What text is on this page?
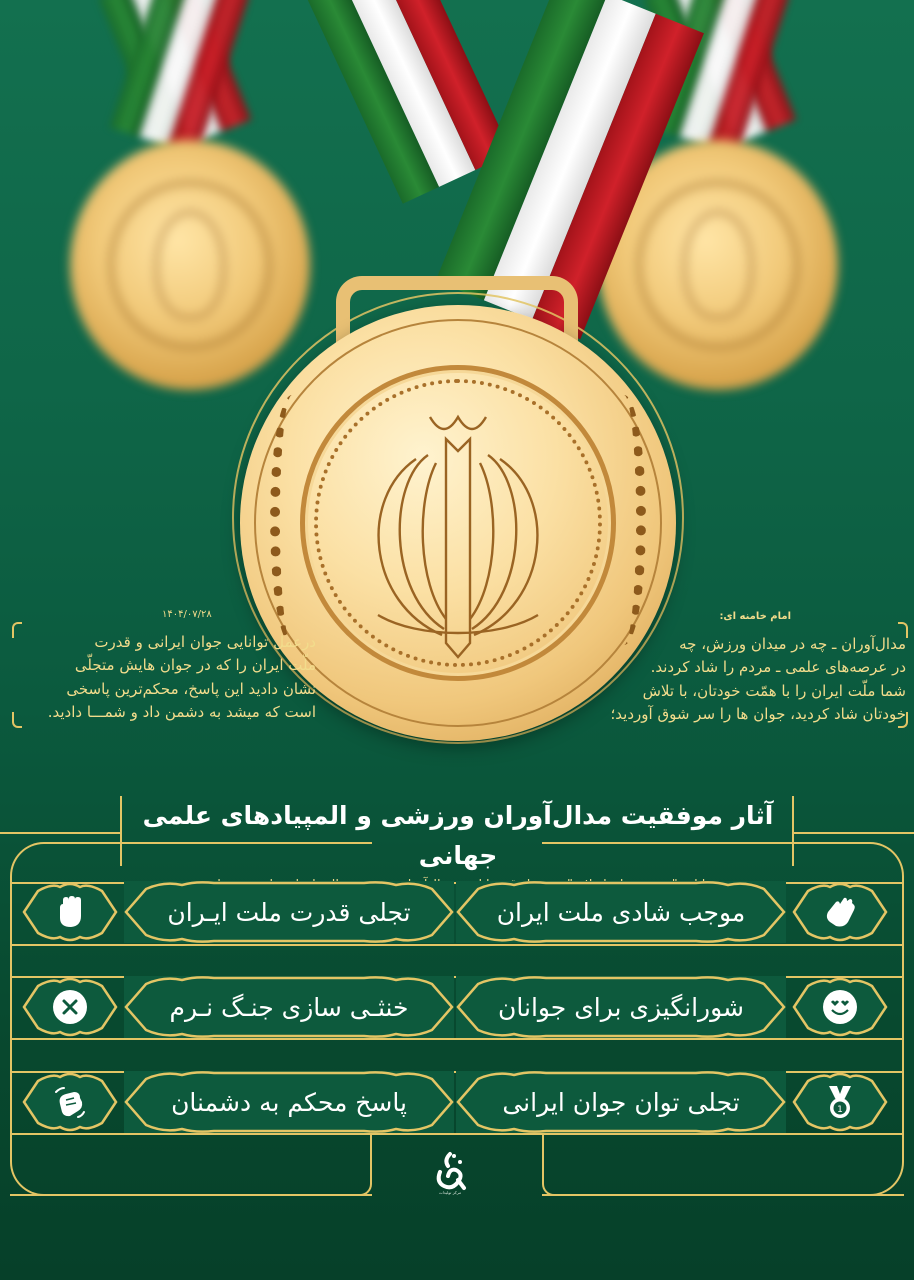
امام خامنه ای:
مدال‌آوران ـ چه در میدان ورزش، چه
در عرصه‌های علمی ـ مردم را شاد کردند.
شما ملّت ایران را با همّت خودتان، با تلاش
خودتان شاد کردید، جوان ها را سر شوق آوردید؛
۱۴۰۴/۰۷/۲۸
درعمل توانایی جوان ایرانی و قدرت
ملّت ایران را که در جوان هایش متجلّی
نشان دادید این پاسخ، محکم‌ترین پاسخی
است که میشد به دشمن داد و شمـــا دادید.
آثار موفقیت مدال‌آوران ورزشی و المپیادهای علمی جهانی
موجب شادی ملت ایران
تجلی قدرت ملت ایـران
شورانگیزی برای جوانان
خنثـی سازی جنـگ نـرم
تجلی توان جوان ایرانی	1
پاسخ محکم به دشمنان
مرکز تولیدات
